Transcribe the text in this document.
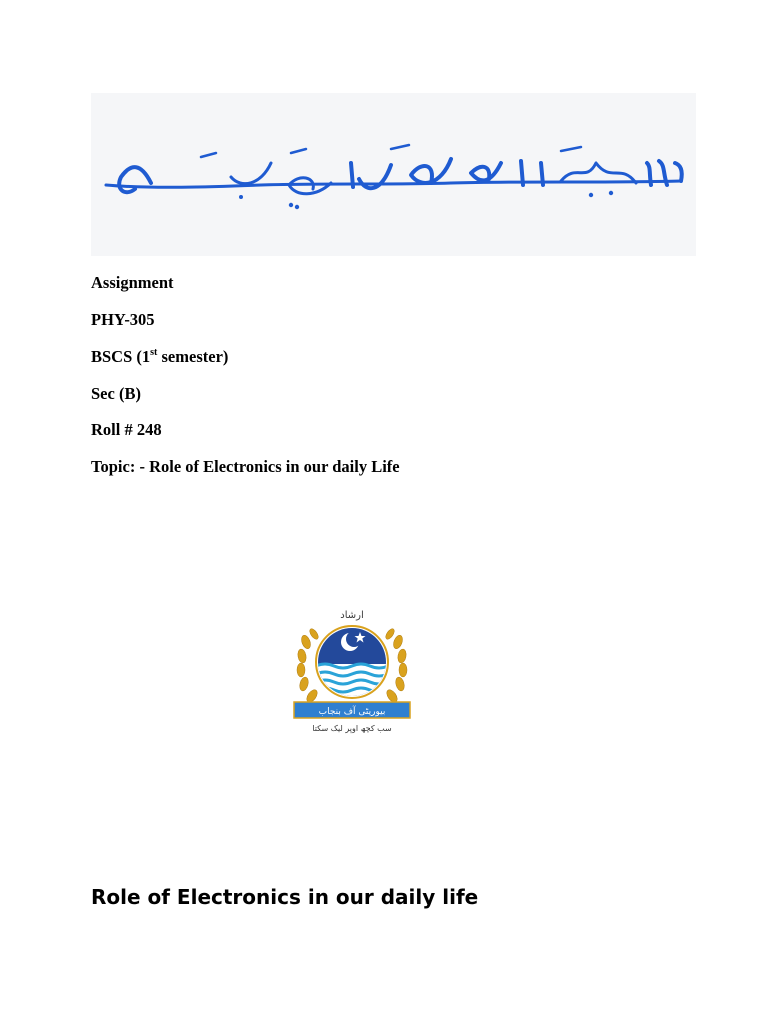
Assignment
PHY-305
BSCS (1st semester)
Sec (B)
Roll # 248
Topic: - Role of Electronics in our daily Life
ارشاد
بیوریٹی آف بنجاب
سب کچھ اوپر لیک سکتا
Role of Electronics in our daily life
